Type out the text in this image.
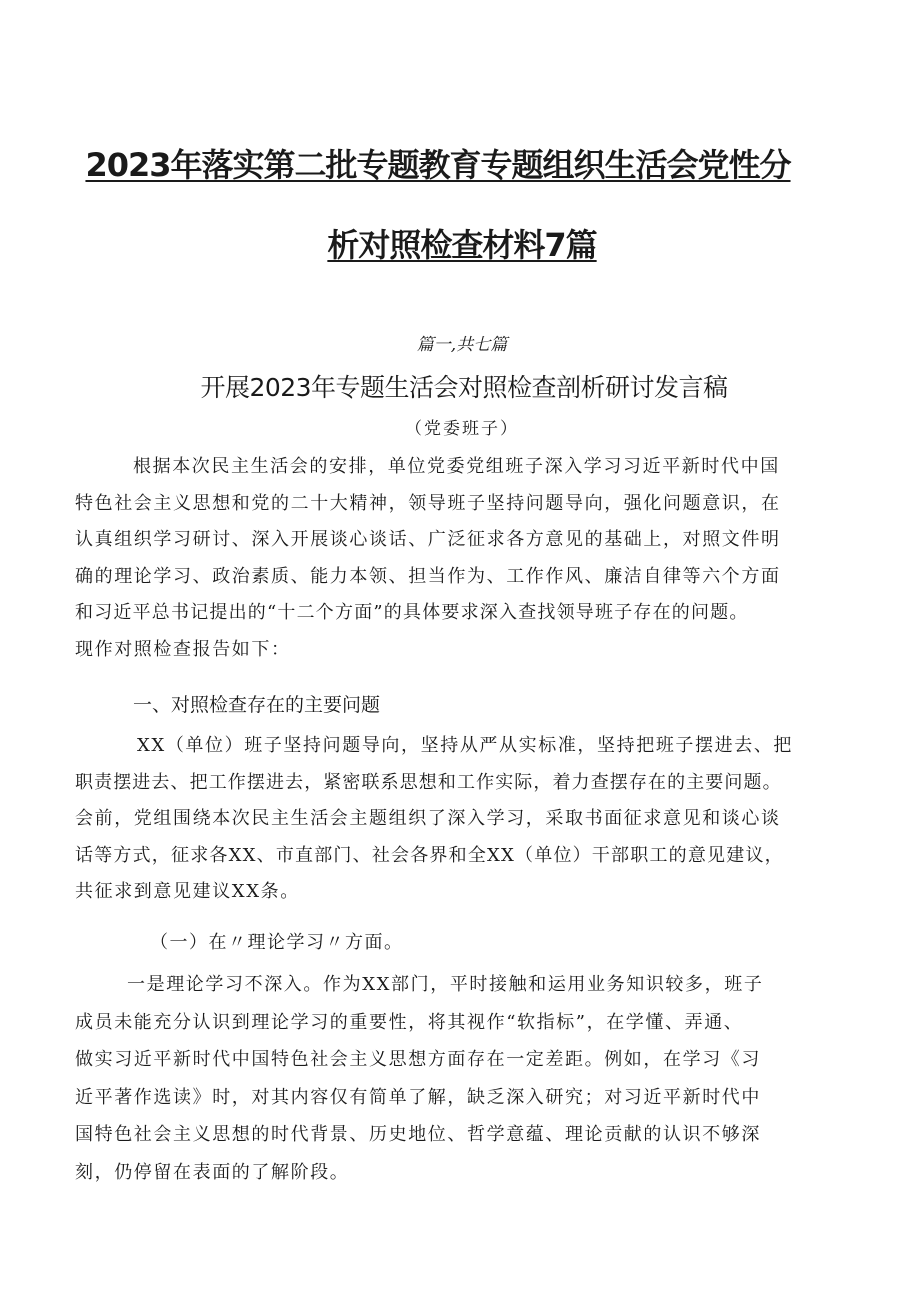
2023年落实第二批专题教育专题组织生活会党性分
析对照检查材料7篇
篇一,共七篇
开展2023年专题生活会对照检查剖析研讨发言稿
（党委班子）
根据本次民主生活会的安排，单位党委党组班子深入学习习近平新时代中国
特色社会主义思想和党的二十大精神，领导班子坚持问题导向，强化问题意识，在
认真组织学习研讨、深入开展谈心谈话、广泛征求各方意见的基础上，对照文件明
确的理论学习、政治素质、能力本领、担当作为、工作作风、廉洁自律等六个方面
和习近平总书记提出的“十二个方面”的具体要求深入查找领导班子存在的问题。
现作对照检查报告如下：
一、对照检查存在的主要问题
XX（单位）班子坚持问题导向，坚持从严从实标准，坚持把班子摆进去、把
职责摆进去、把工作摆进去，紧密联系思想和工作实际，着力查摆存在的主要问题。
会前，党组围绕本次民主生活会主题组织了深入学习，采取书面征求意见和谈心谈
话等方式，征求各XX、市直部门、社会各界和全XX（单位）干部职工的意见建议，
共征求到意见建议XX条。
（一）在〃理论学习〃方面。
一是理论学习不深入。作为XX部门，平时接触和运用业务知识较多，班子
成员未能充分认识到理论学习的重要性，将其视作“软指标”，在学懂、弄通、
做实习近平新时代中国特色社会主义思想方面存在一定差距。例如，在学习《习
近平著作选读》时，对其内容仅有简单了解，缺乏深入研究；对习近平新时代中
国特色社会主义思想的时代背景、历史地位、哲学意蕴、理论贡献的认识不够深
刻，仍停留在表面的了解阶段。
